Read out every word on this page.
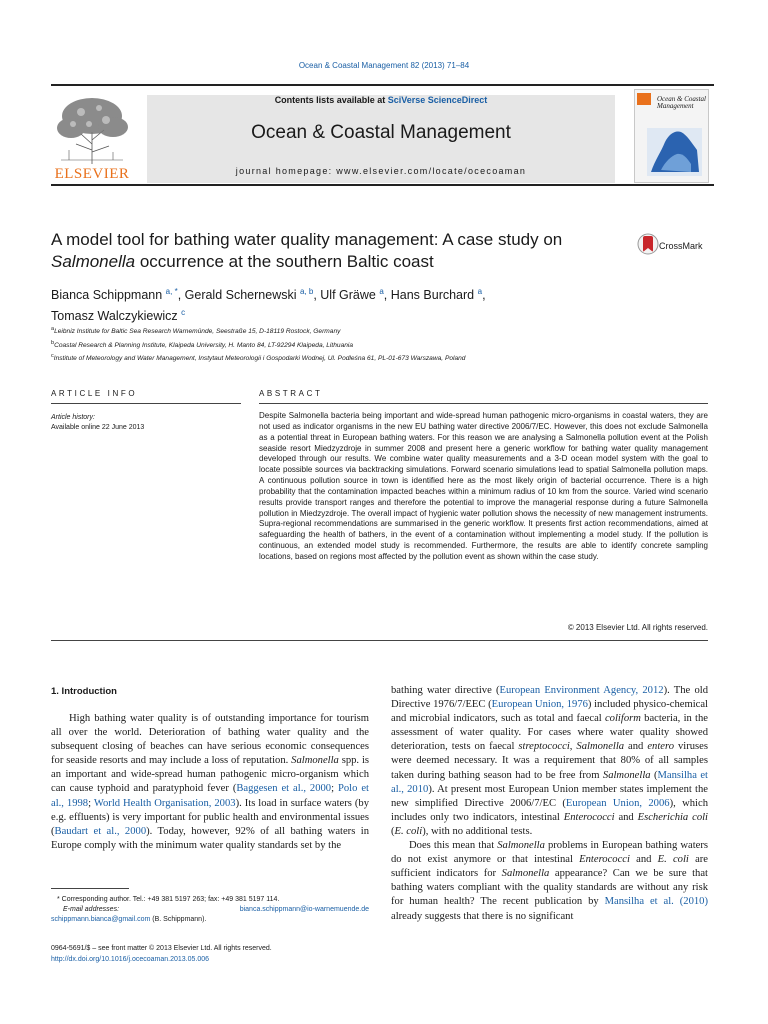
Ocean & Coastal Management 82 (2013) 71–84
ELSEVIER
Contents lists available at SciVerse ScienceDirect
Ocean & Coastal Management
journal homepage: www.elsevier.com/locate/ocecoaman
Ocean & Coastal Management
A model tool for bathing water quality management: A case study on
Salmonella occurrence at the southern Baltic coast
CrossMark
Bianca Schippmann $^{a, *}$, Gerald Schernewski $^{a, b}$, Ulf Gräwe $^a$, Hans Burchard $^a$,
Tomasz Walczykiewicz $^c$
$^a$Leibniz Institute for Baltic Sea Research Warnemünde, Seestraße 15, D-18119 Rostock, Germany
$^b$Coastal Research & Planning Institute, Klaipeda University, H. Manto 84, LT-92294 Klaipeda, Lithuania
$^c$Institute of Meteorology and Water Management, Instytaut Meteorologii i Gospodarki Wodnej, Ul. Podleśna 61, PL-01-673 Warszawa, Poland
ARTICLE INFO	ABSTRACT
Article history:
Available online 22 June 2013
Despite Salmonella bacteria being important and wide-spread human pathogenic micro-organisms in coastal waters, they are not used as indicator organisms in the new EU bathing water directive 2006/7/EC. However, this does not exclude Salmonella as a potential threat in European bathing waters. For this reason we are analysing a Salmonella pollution event at the Polish seaside resort Miedzyzdroje in summer 2008 and present here a generic workflow for bathing water quality management developed through our results. We combine water quality measurements and a 3-D ocean model system with the goal to locate possible sources via backtracking simulations. Forward scenario simulations lead to spatial Salmonella pollution maps. A continuous pollution source in town is identified here as the most likely origin of bacterial occurrence. There is a high probability that the contamination impacted beaches within a minimum radius of 10 km from the source. Varied wind scenario results provide transport ranges and therefore the potential to improve the managerial response during a future Salmonella pollution in Miedzyzdroje. The overall impact of hygienic water pollution shows the necessity of new management instruments. Supra-regional recommendations are summarised in the generic workflow. It presents first action recommendations, aimed at safeguarding the health of bathers, in the event of a contamination without implementing a model study. If the pollution is continuous, an extended model study is recommended. Furthermore, the results are able to identify concrete sampling locations, based on regions most affected by the pollution event as shown within the case study.
© 2013 Elsevier Ltd. All rights reserved.
1. Introduction

High bathing water quality is of outstanding importance for tourism all over the world. Deterioration of bathing water quality and the subsequent closing of beaches can have serious economic consequences for seaside resorts and may include a loss of reputation. Salmonella spp. is an important and wide-spread human pathogenic micro-organism which can cause typhoid and paratyphoid fever (Baggesen et al., 2000; Polo et al., 1998; World Health Organisation, 2003). Its load in surface waters (by e.g. effluents) is very important for public health and environmental issues (Baudart et al., 2000). Today, however, 92% of all bathing waters in Europe comply with the minimum water quality standards set by the

bathing water directive (European Environment Agency, 2012). The old Directive 1976/7/EEC (European Union, 1976) included physico-chemical and microbial indicators, such as total and faecal coliform bacteria, in the assessment of water quality. For cases where water quality showed deterioration, tests on faecal streptococci, Salmonella and entero viruses were deemed necessary. It was a requirement that 80% of all samples taken during bathing season had to be free from Salmonella (Mansilha et al., 2010). At present most European Union member states implement the new simplified Directive 2006/7/EC (European Union, 2006), which includes only two indicators, intestinal Enterococci and Escherichia coli (E. coli), with no additional tests.

Does this mean that Salmonella problems in European bathing waters do not exist anymore or that intestinal Enterococci and E. coli are sufficient indicators for Salmonella appearance? Can we be sure that bathing waters compliant with the quality standards are without any risk for human health? The recent publication by Mansilha et al. (2010) already suggests that there is no significant

* Corresponding author. Tel.: +49 381 5197 263; fax: +49 381 5197 114.
E-mail addresses:	bianca.schippmann@io-warnemuende.de
schippmann.bianca@gmail.com (B. Schippmann).
0964-5691/$ – see front matter © 2013 Elsevier Ltd. All rights reserved.
http://dx.doi.org/10.1016/j.ocecoaman.2013.05.006
